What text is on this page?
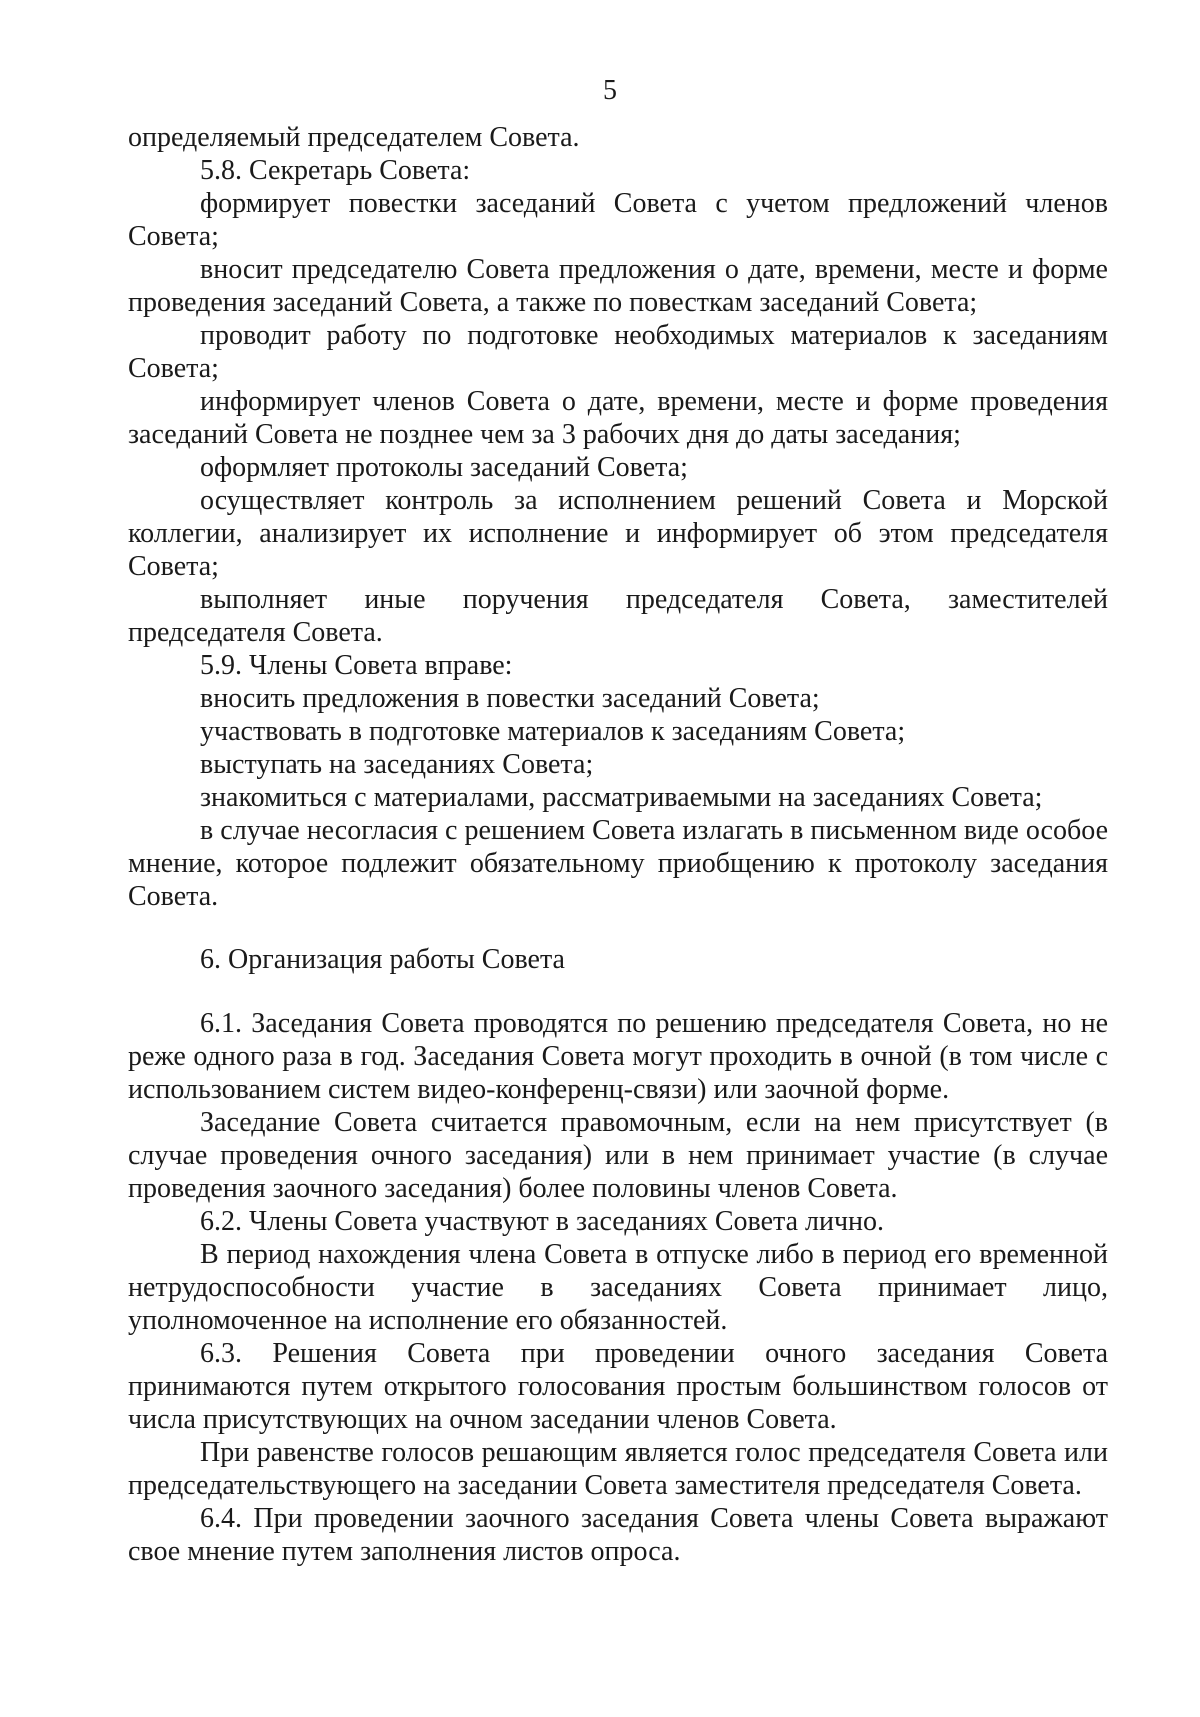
5

определяемый председателем Совета.

5.8. Секретарь Совета:

формирует повестки заседаний Совета с учетом предложений членов Совета;

вносит председателю Совета предложения о дате, времени, месте и форме проведения заседаний Совета, а также по повесткам заседаний Совета;

проводит работу по подготовке необходимых материалов к заседаниям Совета;

информирует членов Совета о дате, времени, месте и форме проведения заседаний Совета не позднее чем за 3 рабочих дня до даты заседания;

оформляет протоколы заседаний Совета;

осуществляет контроль за исполнением решений Совета и Морской коллегии, анализирует их исполнение и информирует об этом председателя Совета;

выполняет иные поручения председателя Совета, заместителей председателя Совета.

5.9. Члены Совета вправе:

вносить предложения в повестки заседаний Совета;

участвовать в подготовке материалов к заседаниям Совета;

выступать на заседаниях Совета;

знакомиться с материалами, рассматриваемыми на заседаниях Совета;

в случае несогласия с решением Совета излагать в письменном виде особое мнение, которое подлежит обязательному приобщению к протоколу заседания Совета.

6. Организация работы Совета

6.1. Заседания Совета проводятся по решению председателя Совета, но не реже одного раза в год. Заседания Совета могут проходить в очной (в том числе с использованием систем видео-конференц-связи) или заочной форме.

Заседание Совета считается правомочным, если на нем присутствует (в случае проведения очного заседания) или в нем принимает участие (в случае проведения заочного заседания) более половины членов Совета.

6.2. Члены Совета участвуют в заседаниях Совета лично.

В период нахождения члена Совета в отпуске либо в период его временной нетрудоспособности участие в заседаниях Совета принимает лицо, уполномоченное на исполнение его обязанностей.

6.3. Решения Совета при проведении очного заседания Совета принимаются путем открытого голосования простым большинством голосов от числа присутствующих на очном заседании членов Совета.

При равенстве голосов решающим является голос председателя Совета или председательствующего на заседании Совета заместителя председателя Совета.

6.4. При проведении заочного заседания Совета члены Совета выражают свое мнение путем заполнения листов опроса.
